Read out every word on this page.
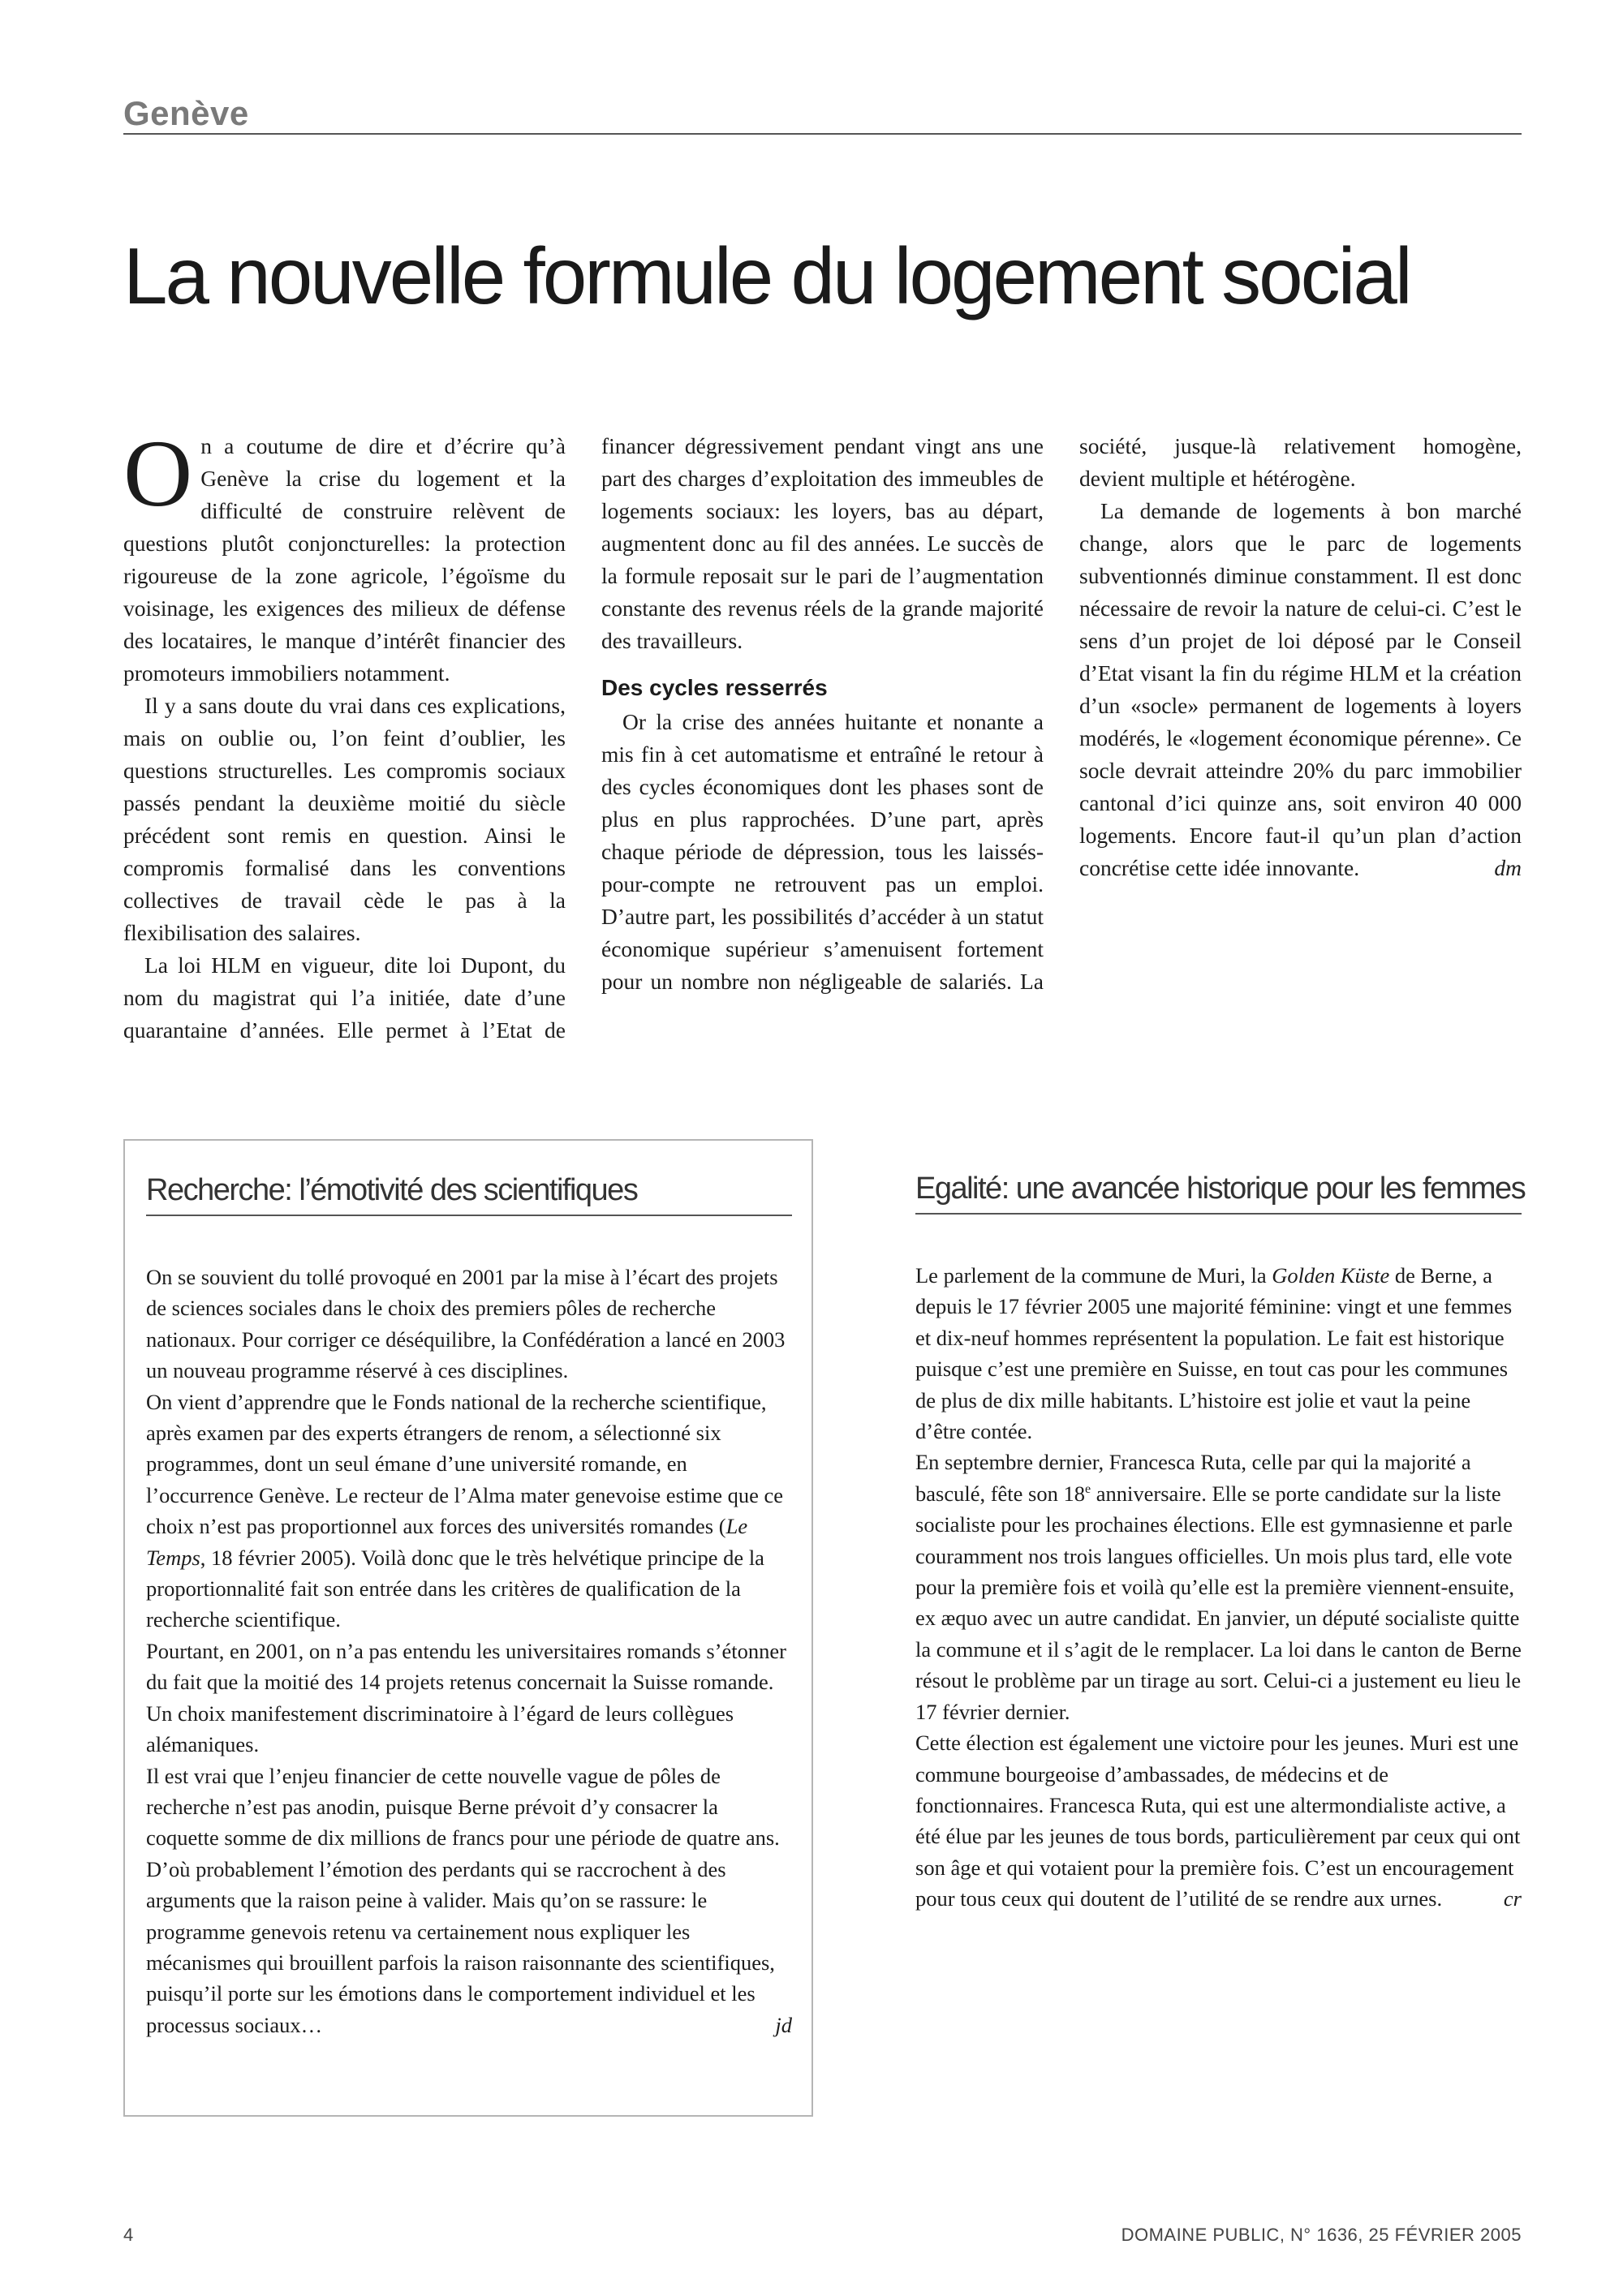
Genève
La nouvelle formule du logement social

On a coutume de dire et d’écrire qu’à Genève la crise du logement et la difficulté de construire relèvent de questions plutôt conjoncturelles: la protection rigoureuse de la zone agricole, l’égoïsme du voisinage, les exigences des milieux de défense des locataires, le manque d’intérêt financier des promoteurs immobiliers notamment.

Il y a sans doute du vrai dans ces explications, mais on oublie ou, l’on feint d’oublier, les questions structurelles. Les compromis sociaux passés pendant la deuxième moitié du siècle précédent sont remis en question. Ainsi le compromis formalisé dans les conventions collectives de travail cède le pas à la flexibilisation des salaires.

La loi HLM en vigueur, dite loi Dupont, du nom du magistrat qui l’a initiée, date d’une quarantaine d’années. Elle permet à l’Etat de financer dégressivement pendant vingt ans une part des charges d’exploitation des immeubles de logements sociaux: les loyers, bas au départ, augmentent donc au fil des années. Le succès de la formule reposait sur le pari de l’augmentation constante des revenus réels de la grande majorité des travailleurs.

Des cycles resserrés

Or la crise des années huitante et nonante a mis fin à cet automatisme et entraîné le retour à des cycles économiques dont les phases sont de plus en plus rapprochées. D’une part, après chaque période de dépression, tous les laissés-pour-compte ne retrouvent pas un emploi. D’autre part, les possibilités d’accéder à un statut économique supérieur s’amenuisent fortement pour un nombre non négligeable de salariés. La société, jusque-là relativement homogène, devient multiple et hétérogène.

La demande de logements à bon marché change, alors que le parc de logements subventionnés diminue constamment. Il est donc nécessaire de revoir la nature de celui-ci. C’est le sens d’un projet de loi déposé par le Conseil d’Etat visant la fin du régime HLM et la création d’un «socle» permanent de logements à loyers modérés, le «logement économique pérenne». Ce socle devrait atteindre 20% du parc immobilier cantonal d’ici quinze ans, soit environ 40 000 logements. Encore faut-il qu’un plan d’action concrétise cette idée innovante.	dm

Recherche: l’émotivité des scientifiques

On se souvient du tollé provoqué en 2001 par la mise à l’écart des projets de sciences sociales dans le choix des premiers pôles de recherche nationaux. Pour corriger ce déséquilibre, la Confédération a lancé en 2003 un nouveau programme réservé à ces disciplines.

On vient d’apprendre que le Fonds national de la recherche scientifique, après examen par des experts étrangers de renom, a sélectionné six programmes, dont un seul émane d’une université romande, en l’occurrence Genève. Le recteur de l’Alma mater genevoise estime que ce choix n’est pas proportionnel aux forces des universités romandes (Le Temps, 18 février 2005). Voilà donc que le très helvétique principe de la proportionnalité fait son entrée dans les critères de qualification de la recherche scientifique.

Pourtant, en 2001, on n’a pas entendu les universitaires romands s’étonner du fait que la moitié des 14 projets retenus concernait la Suisse romande. Un choix manifestement discriminatoire à l’égard de leurs collègues alémaniques.

Il est vrai que l’enjeu financier de cette nouvelle vague de pôles de recherche n’est pas anodin, puisque Berne prévoit d’y consacrer la coquette somme de dix millions de francs pour une période de quatre ans. D’où probablement l’émotion des perdants qui se raccrochent à des arguments que la raison peine à valider. Mais qu’on se rassure: le programme genevois retenu va certainement nous expliquer les mécanismes qui brouillent parfois la raison raisonnante des scientifiques, puisqu’il porte sur les émotions dans le comportement individuel et les processus sociaux…	jd

Egalité: une avancée historique pour les femmes

Le parlement de la commune de Muri, la Golden Küste de Berne, a depuis le 17 février 2005 une majorité féminine: vingt et une femmes et dix-neuf hommes représentent la population. Le fait est historique puisque c’est une première en Suisse, en tout cas pour les communes de plus de dix mille habitants. L’histoire est jolie et vaut la peine d’être contée.

En septembre dernier, Francesca Ruta, celle par qui la majorité a basculé, fête son 18e anniversaire. Elle se porte candidate sur la liste socialiste pour les prochaines élections. Elle est gymnasienne et parle couramment nos trois langues officielles. Un mois plus tard, elle vote pour la première fois et voilà qu’elle est la première viennent-ensuite, ex æquo avec un autre candidat. En janvier, un député socialiste quitte la commune et il s’agit de le remplacer. La loi dans le canton de Berne résout le problème par un tirage au sort. Celui-ci a justement eu lieu le 17 février dernier.

Cette élection est également une victoire pour les jeunes. Muri est une commune bourgeoise d’ambassades, de médecins et de fonctionnaires. Francesca Ruta, qui est une altermondialiste active, a été élue par les jeunes de tous bords, particulièrement par ceux qui ont son âge et qui votaient pour la première fois. C’est un encouragement pour tous ceux qui doutent de l’utilité de se rendre aux urnes.	cr

4	DOMAINE PUBLIC, N° 1636, 25 FÉVRIER 2005
